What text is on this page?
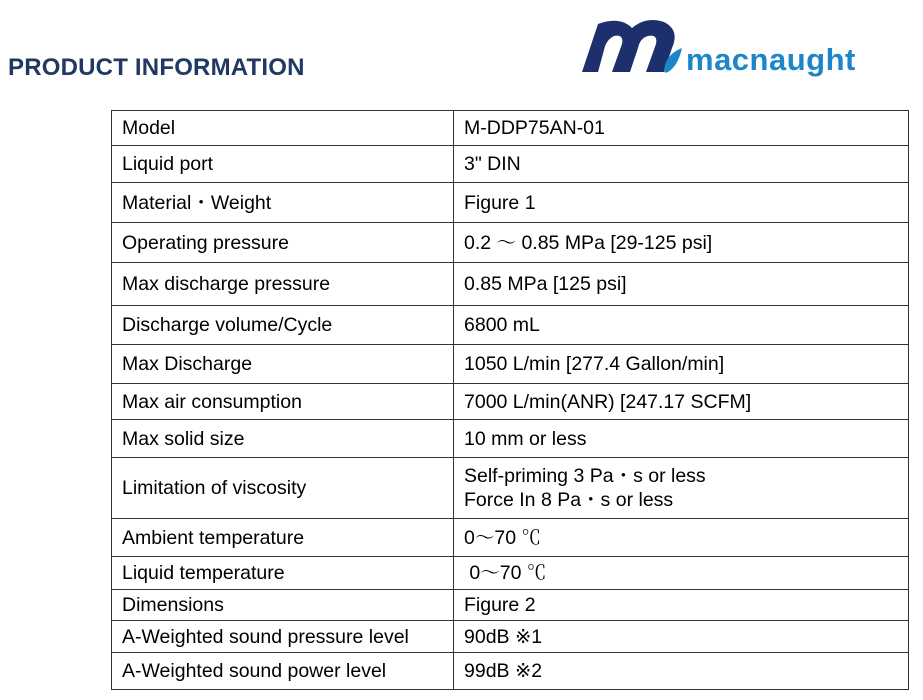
PRODUCT INFORMATION	macnaught
Model	M-DDP75AN-01
Liquid port	3" DIN
Material・Weight	Figure 1
Operating pressure	0.2 ～ 0.85 MPa [29-125 psi]
Max discharge pressure	0.85 MPa [125 psi]
Discharge volume/Cycle	6800 mL
Max Discharge	1050 L/min [277.4 Gallon/min]
Max air consumption	7000 L/min(ANR) [247.17 SCFM]
Max solid size	10 mm or less
Limitation of viscosity	Self-priming 3 Pa・s or less
Force In 8 Pa・s or less

Ambient temperature	0～70 ℃
Liquid temperature	0～70 ℃
Dimensions	Figure 2
A-Weighted sound pressure level	90dB ※1
A-Weighted sound power level	99dB ※2
